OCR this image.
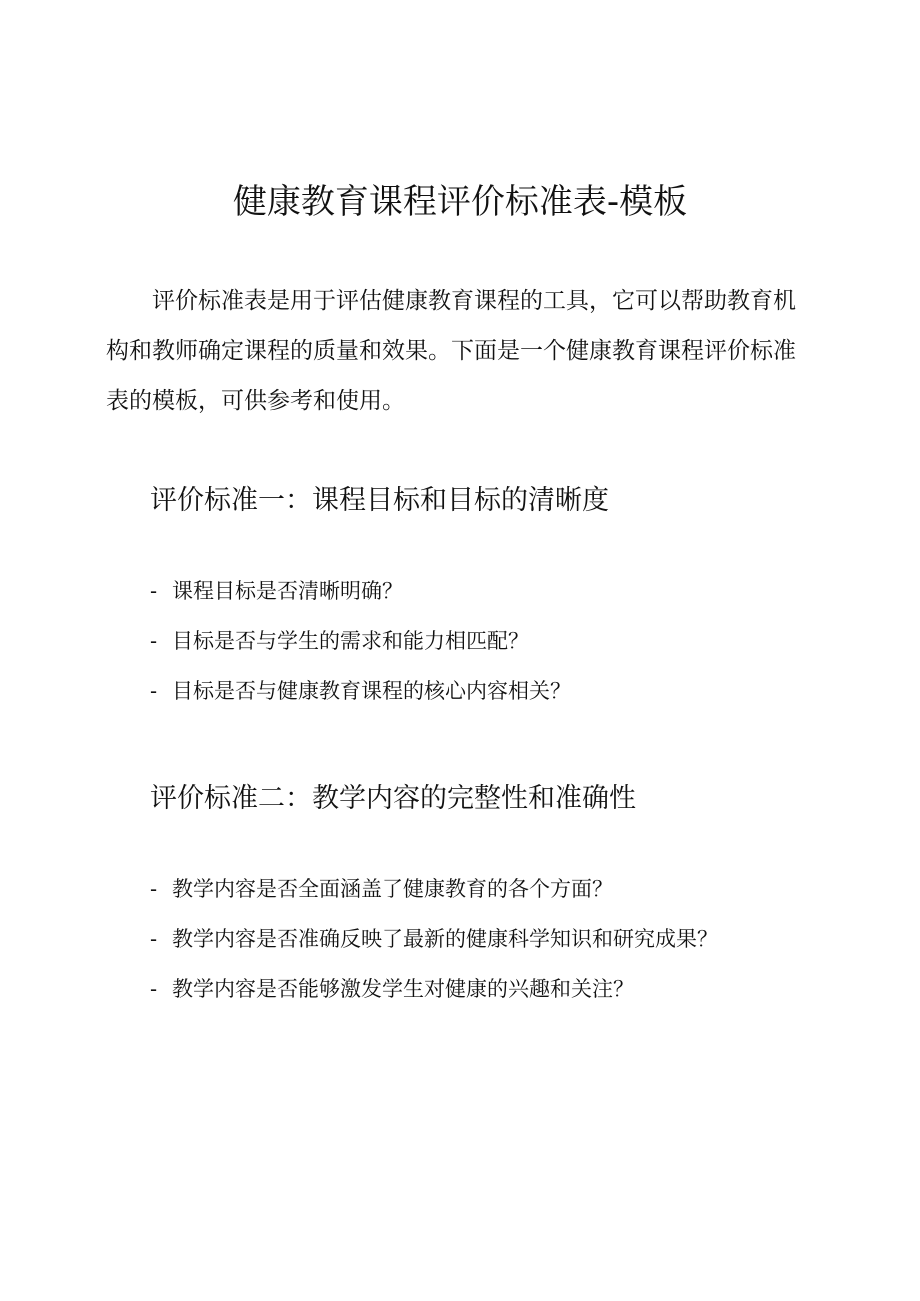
健康教育课程评价标准表-模板

评价标准表是用于评估健康教育课程的工具，它可以帮助教育机构和教师确定课程的质量和效果。下面是一个健康教育课程评价标准表的模板，可供参考和使用。

评价标准一：课程目标和目标的清晰度
- 课程目标是否清晰明确？
- 目标是否与学生的需求和能力相匹配？
- 目标是否与健康教育课程的核心内容相关？
评价标准二：教学内容的完整性和准确性
- 教学内容是否全面涵盖了健康教育的各个方面？
- 教学内容是否准确反映了最新的健康科学知识和研究成果？
- 教学内容是否能够激发学生对健康的兴趣和关注？
